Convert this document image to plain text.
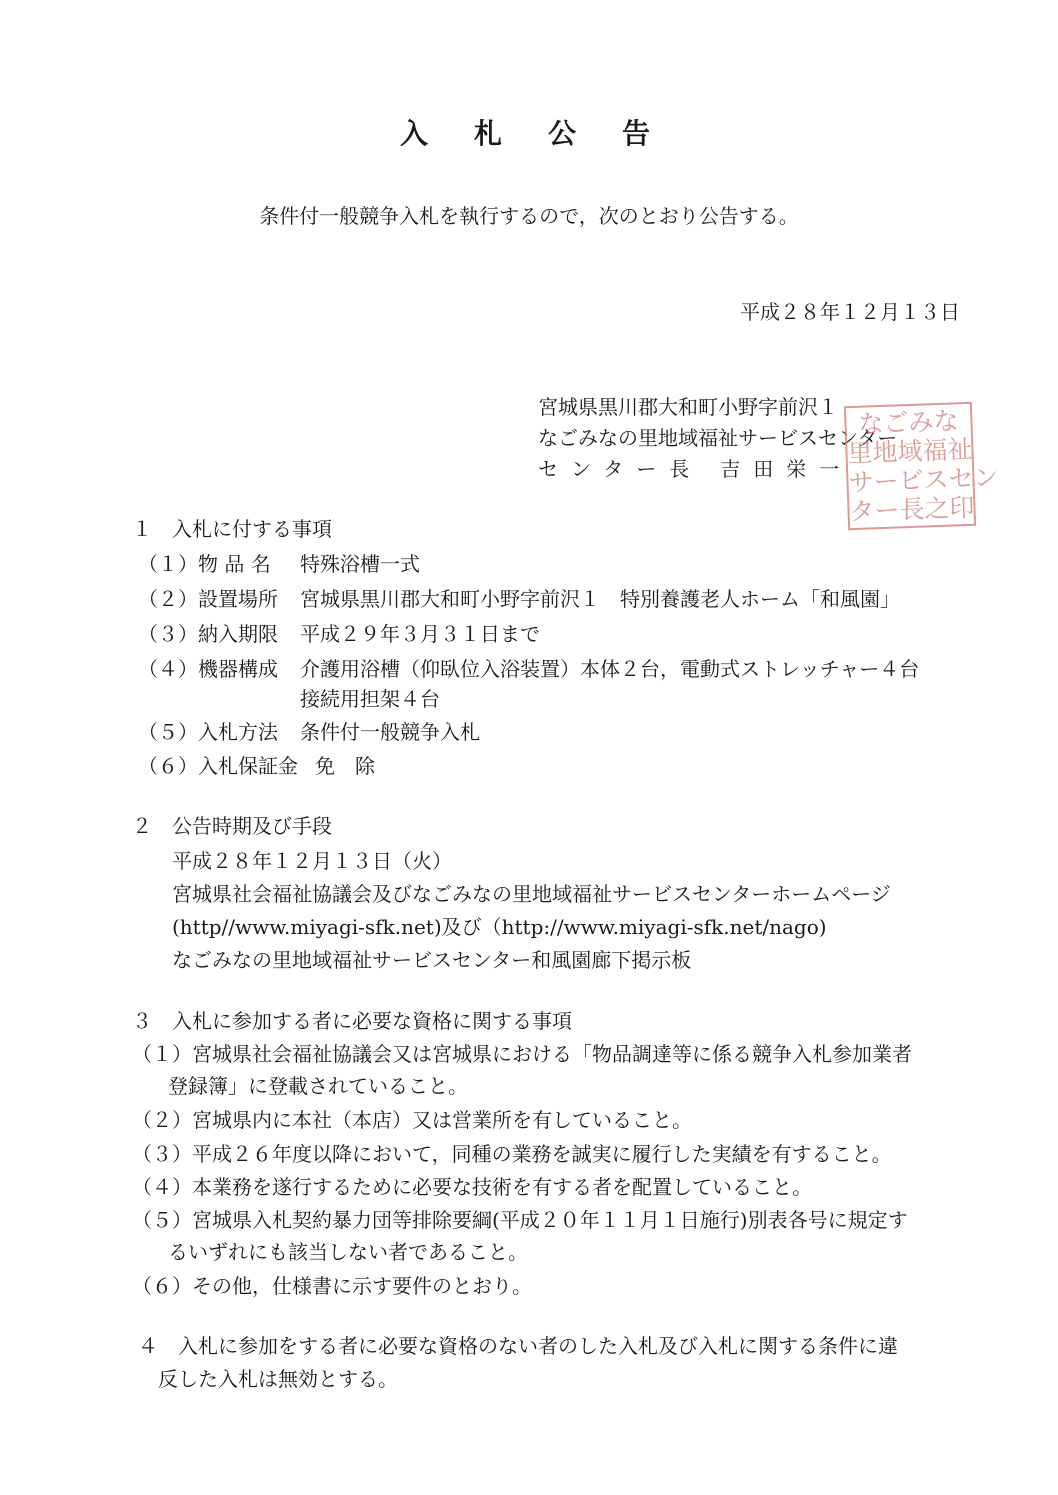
入札公告
条件付一般競争入札を執行するので，次のとおり公告する。
平成２８年１２月１３日
宮城県黒川郡大和町小野字前沢１
なごみなの里地域福祉サービスセンター
センター長 吉田栄一
なごみな
里地域福祉
サービスセン
ター長之印
１　入札に付する事項
（１）物 品 名 特殊浴槽一式
（２）設置場所 宮城県黒川郡大和町小野字前沢１　特別養護老人ホーム「和風園」
（３）納入期限 平成２９年３月３１日まで
（４）機器構成 介護用浴槽（仰臥位入浴装置）本体２台，電動式ストレッチャー４台
接続用担架４台
（５）入札方法 条件付一般競争入札
（６）入札保証金 免　除
２　公告時期及び手段
平成２８年１２月１３日（火）
宮城県社会福祉協議会及びなごみなの里地域福祉サービスセンターホームページ
(http//www.miyagi-sfk.net)及び（http://www.miyagi-sfk.net/nago)
なごみなの里地域福祉サービスセンター和風園廊下掲示板
３　入札に参加する者に必要な資格に関する事項
（１）宮城県社会福祉協議会又は宮城県における「物品調達等に係る競争入札参加業者
　登録簿」に登載されていること。
（２）宮城県内に本社（本店）又は営業所を有していること。
（３）平成２６年度以降において，同種の業務を誠実に履行した実績を有すること。
（４）本業務を遂行するために必要な技術を有する者を配置していること。
（５）宮城県入札契約暴力団等排除要綱(平成２０年１１月１日施行)別表各号に規定す
　るいずれにも該当しない者であること。
（６）その他，仕様書に示す要件のとおり。
４　入札に参加をする者に必要な資格のない者のした入札及び入札に関する条件に違
　反した入札は無効とする。
